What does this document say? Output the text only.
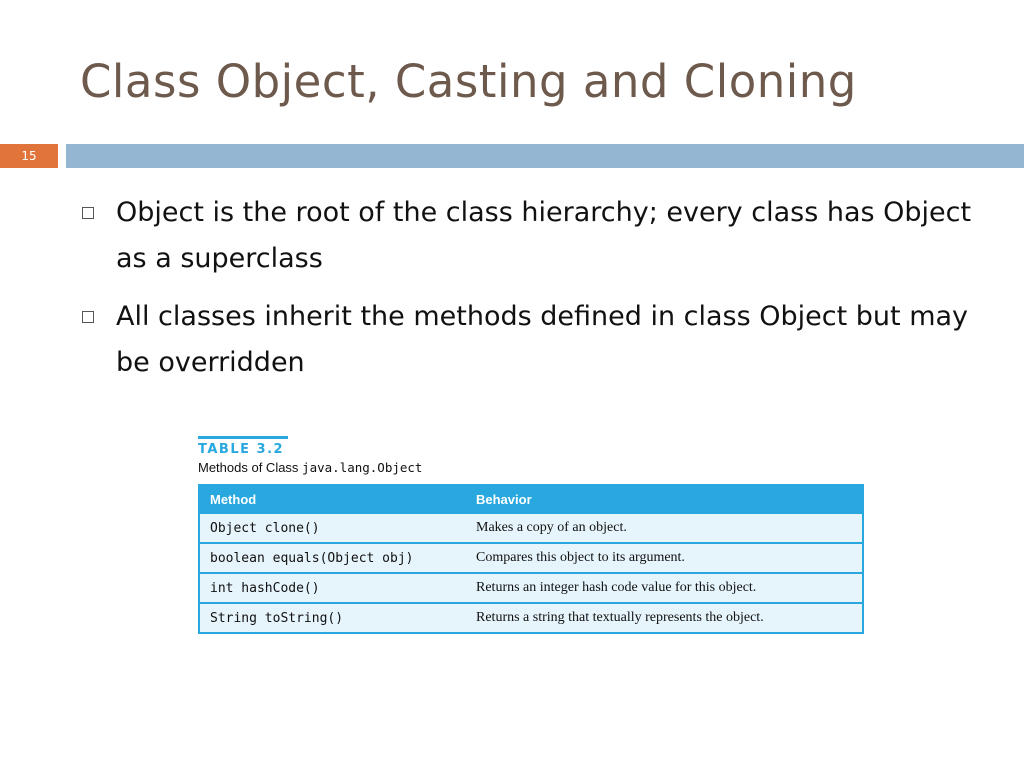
Class Object, Casting and Cloning
15
Object is the root of the class hierarchy; every class has Object as a superclass
All classes inherit the methods defined in class Object but may be overridden
TABLE 3.2
Methods of Class java.lang.Object
Method	Behavior
Object clone()	Makes a copy of an object.
boolean equals(Object obj)	Compares this object to its argument.
int hashCode()	Returns an integer hash code value for this object.
String toString()	Returns a string that textually represents the object.
